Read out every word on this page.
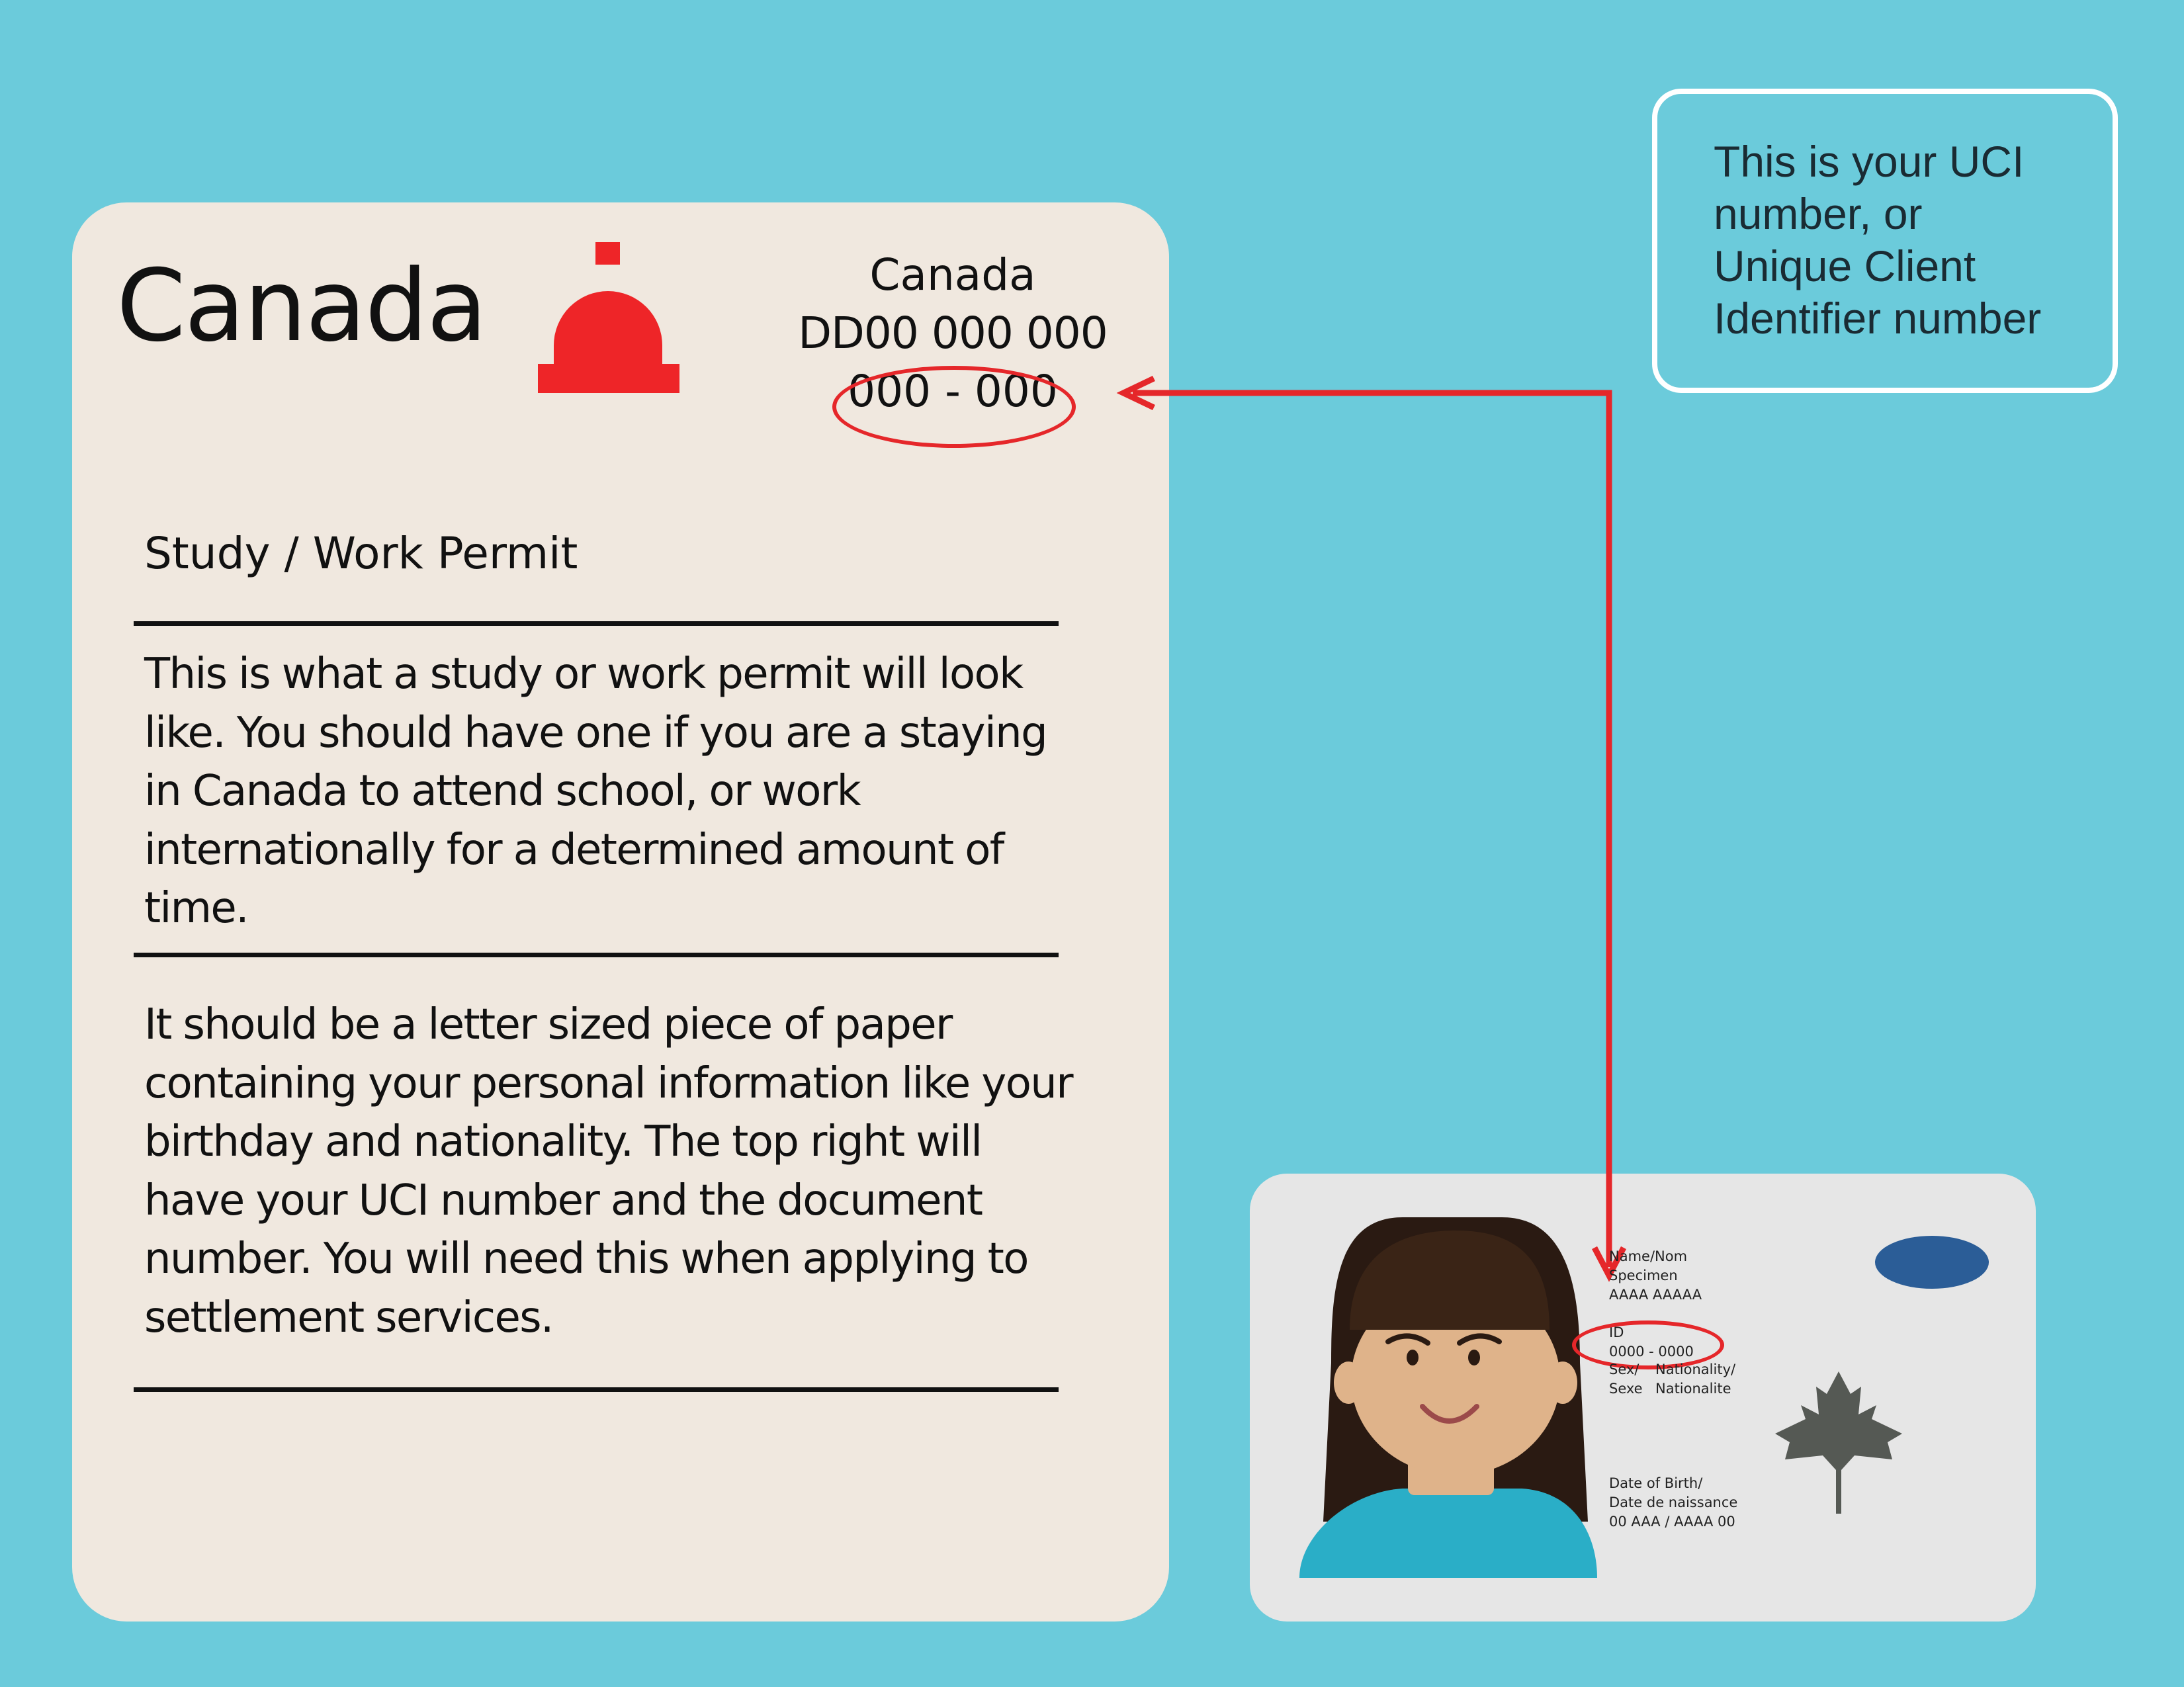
Canada	Canada
DD00 000 000
000 - 000
Study / Work Permit
This is what a study or work permit will look
like. You should have one if you are a staying
in Canada to attend school, or work
internationally for a determined amount of
time.
It should be a letter sized piece of paper
containing your personal information like your
birthday and nationality. The top right will
have your UCI number and the document
number. You will need this when applying to
settlement services.
This is your UCI
number, or
Unique Client
Identifier number
Name/Nom
Specimen
AAAA AAAAA
ID
0000 - 0000
Sex/
Sexe
Nationality/
Nationalite
Date of Birth/
Date de naissance
00 AAA / AAAA 00
